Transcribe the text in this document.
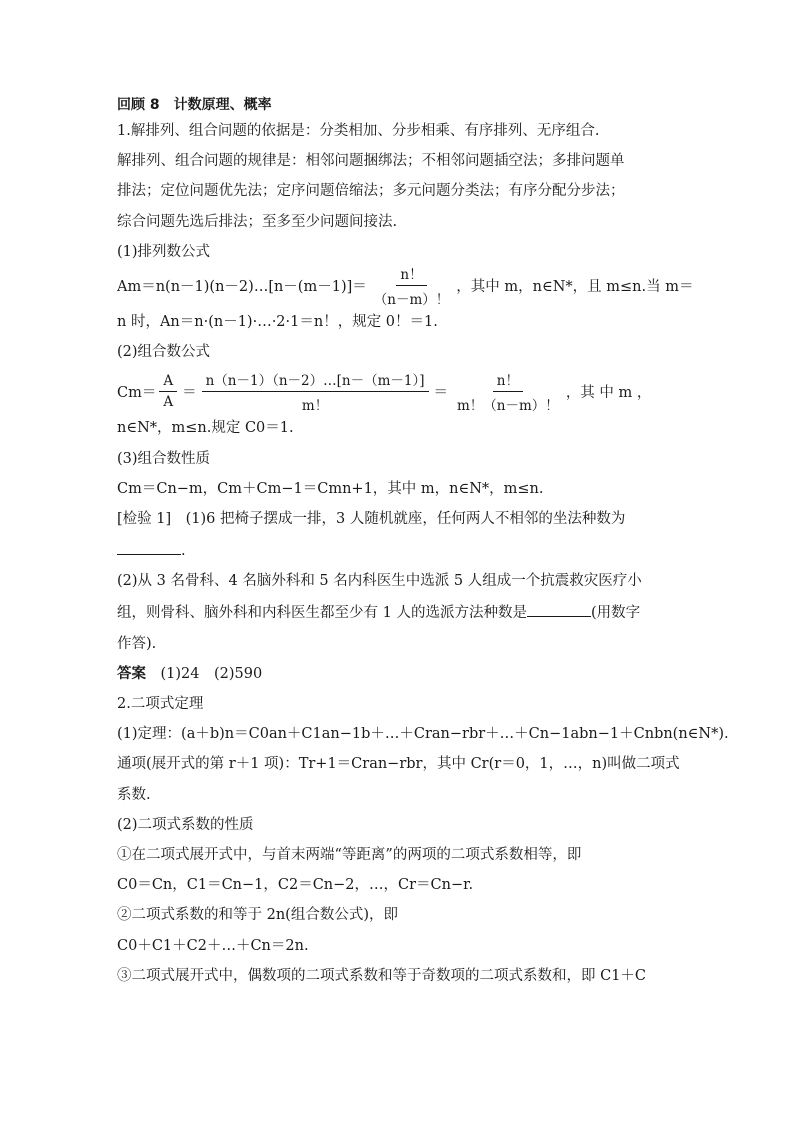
回顾 8 计数原理、概率
1.解排列、组合问题的依据是：分类相加、分步相乘、有序排列、无序组合.
解排列、组合问题的规律是：相邻问题捆绑法；不相邻问题插空法；多排问题单
排法；定位问题优先法；定序问题倍缩法；多元问题分类法；有序分配分步法；
综合问题先选后排法；至多至少问题间接法.
(1)排列数公式
Am＝n(n－1)(n－2)…[n－(m－1)]＝ $\frac{n!}{(n-m)!}$ ，其中 m，n∈N*，且 m≤n.当 m＝
n 时，An＝n·(n－1)·…·2·1＝n！，规定 0！＝1.
(2)组合数公式
$Cm= \frac{A}{A} = \frac{n(n-1)(n-2)\dots[n-(m-1)]}{m!} = \frac{n!}{m!(n-m)!}$ ，其 中 m ，
n∈N*，m≤n.规定 C0＝1.
(3)组合数性质
Cm＝Cn−m，Cm＋Cm−1＝Cmn+1，其中 m，n∈N*，m≤n.
[检验 1]　(1)6 把椅子摆成一排，3 人随机就座，任何两人不相邻的坐法种数为
.
(2)从 3 名骨科、4 名脑外科和 5 名内科医生中选派 5 人组成一个抗震救灾医疗小
组，则骨科、脑外科和内科医生都至少有 1 人的选派方法种数是	(用数字
作答).
答案　(1)24　(2)590
2.二项式定理
(1)定理：(a＋b)n＝C0an＋C1an−1b＋…＋Cran−rbr＋…＋Cn−1abn−1＋Cnbn(n∈N*).
通项(展开式的第 r＋1 项)：Tr+1＝Cran−rbr，其中 Cr(r＝0，1，…，n)叫做二项式
系数.
(2)二项式系数的性质
①在二项式展开式中，与首末两端“等距离”的两项的二项式系数相等，即
C0＝Cn，C1＝Cn−1，C2＝Cn−2，…，Cr＝Cn−r.
②二项式系数的和等于 2n(组合数公式)，即
C0＋C1＋C2＋…＋Cn＝2n.
③二项式展开式中，偶数项的二项式系数和等于奇数项的二项式系数和，即 C1＋C
